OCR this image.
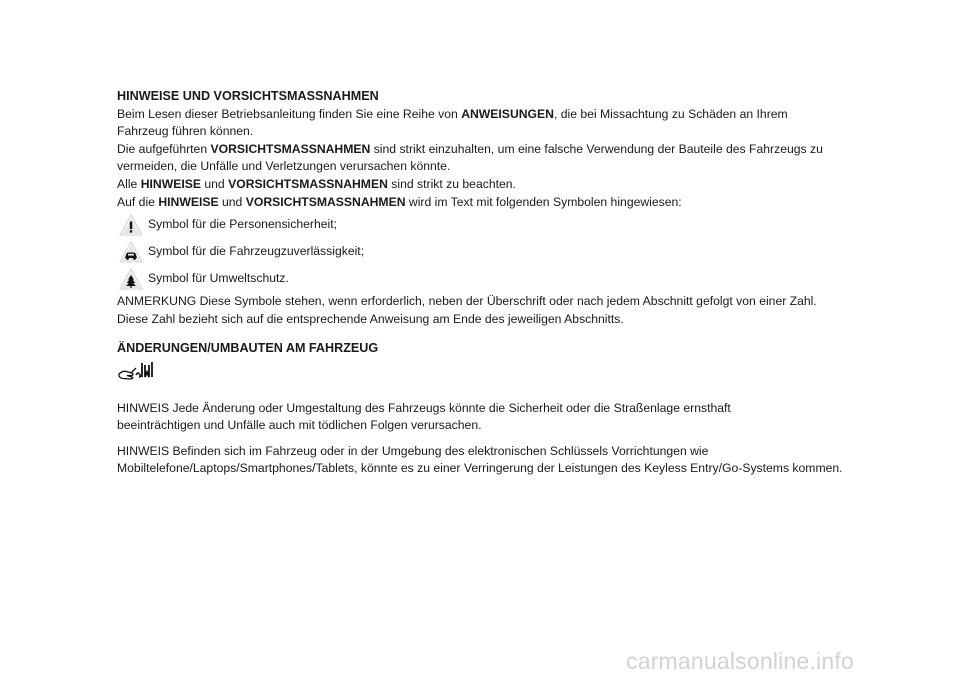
HINWEISE UND VORSICHTSMASSNAHMEN

Beim Lesen dieser Betriebsanleitung finden Sie eine Reihe von ANWEISUNGEN, die bei Missachtung zu Schäden an Ihrem Fahrzeug führen können.

Die aufgeführten VORSICHTSMASSNAHMEN sind strikt einzuhalten, um eine falsche Verwendung der Bauteile des Fahrzeugs zu vermeiden, die Unfälle und Verletzungen verursachen könnte.

Alle HINWEISE und VORSICHTSMASSNAHMEN sind strikt zu beachten.

Auf die HINWEISE und VORSICHTSMASSNAHMEN wird im Text mit folgenden Symbolen hingewiesen:

Symbol für die Personensicherheit;
Symbol für die Fahrzeugzuverlässigkeit;
Symbol für Umweltschutz.

ANMERKUNG Diese Symbole stehen, wenn erforderlich, neben der Überschrift oder nach jedem Abschnitt gefolgt von einer Zahl. Diese Zahl bezieht sich auf die entsprechende Anweisung am Ende des jeweiligen Abschnitts.

ÄNDERUNGEN/UMBAUTEN AM FAHRZEUG

HINWEIS Jede Änderung oder Umgestaltung des Fahrzeugs könnte die Sicherheit oder die Straßenlage ernsthaft beeinträchtigen und Unfälle auch mit tödlichen Folgen verursachen.

HINWEIS Befinden sich im Fahrzeug oder in der Umgebung des elektronischen Schlüssels Vorrichtungen wie Mobiltelefone/Laptops/Smartphones/Tablets, könnte es zu einer Verringerung der Leistungen des Keyless Entry/Go-Systems kommen.

carmanualsonline.info
